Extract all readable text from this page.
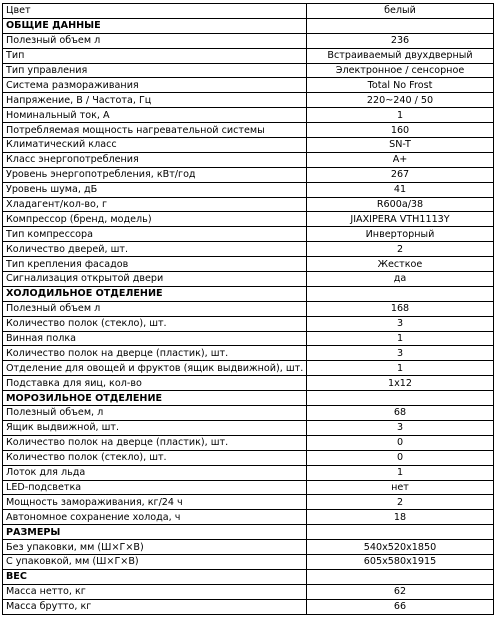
Цвет	белый
ОБЩИЕ ДАННЫЕ	
Полезный объем л	236
Тип	Встраиваемый двухдверный
Тип управления	Электронное / сенсорное
Система размораживания	Total No Frost
Напряжение, В / Частота, Гц	220~240 / 50
Номинальный ток, А	1
Потребляемая мощность нагревательной системы	160
Климатический класс	SN-T
Класс энергопотребления	A+
Уровень энергопотребления, кВт/год	267
Уровень шума, дБ	41
Хладагент/кол-во, г	R600a/38
Компрессор (бренд, модель)	JIAXIPERA VTH1113Y
Тип компрессора	Инверторный
Количество дверей, шт.	2
Тип крепления фасадов	Жесткое
Сигнализация открытой двери	да
ХОЛОДИЛЬНОЕ ОТДЕЛЕНИЕ	
Полезный объем л	168
Количество полок (стекло), шт.	3
Винная полка	1
Количество полок на дверце (пластик), шт.	3
Отделение для овощей и фруктов (ящик выдвижной), шт.	1
Подставка для яиц, кол-во	1x12
МОРОЗИЛЬНОЕ ОТДЕЛЕНИЕ	
Полезный объем, л	68
Ящик выдвижной, шт.	3
Количество полок на дверце (пластик), шт.	0
Количество полок (стекло), шт.	0
Лоток для льда	1
LED-подсветка	нет
Мощность замораживания, кг/24 ч	2
Автономное сохранение холода, ч	18
РАЗМЕРЫ	
Без упаковки, мм (Ш×Г×В)	540x520x1850
С упаковкой, мм (Ш×Г×В)	605x580x1915
ВЕС	
Масса нетто, кг	62
Масса брутто, кг	66
